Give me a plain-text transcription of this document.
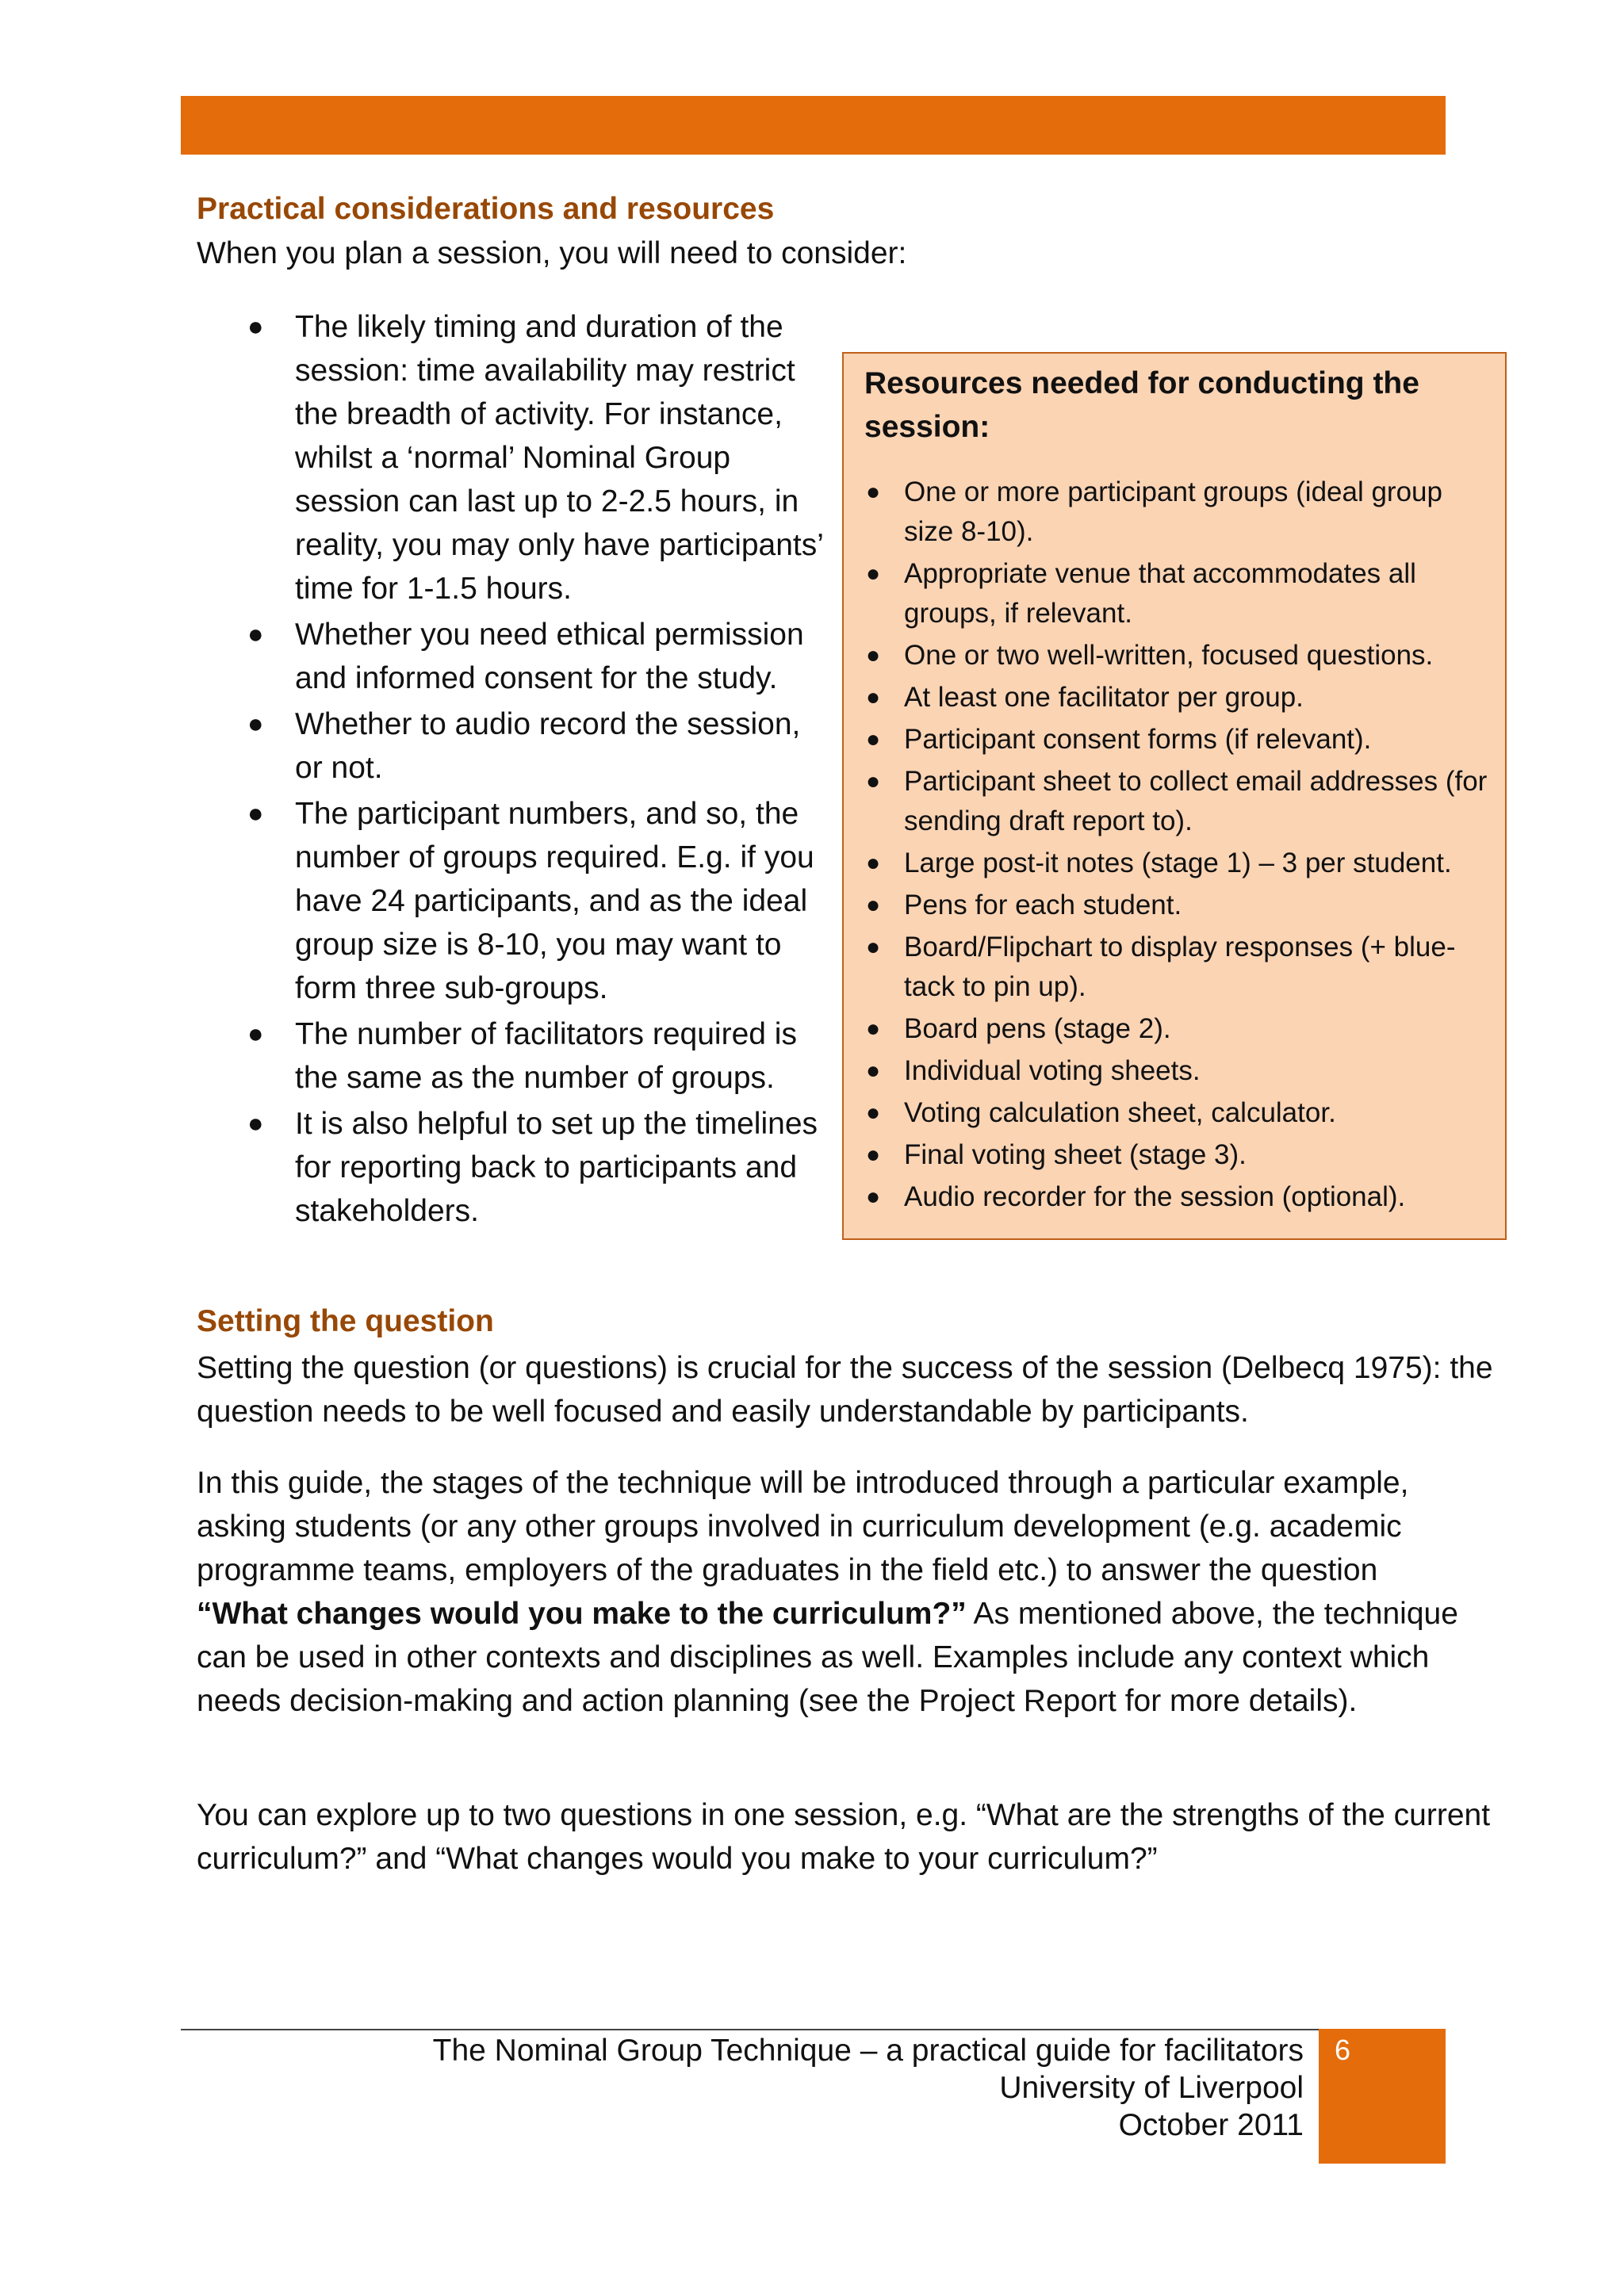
Practical considerations and resources

When you plan a session, you will need to consider:

● The likely timing and duration of the session: time availability may restrict the breadth of activity. For instance, whilst a ‘normal’ Nominal Group session can last up to 2-2.5 hours, in reality, you may only have participants’ time for 1-1.5 hours.
● Whether you need ethical permission and informed consent for the study.
● Whether to audio record the session, or not.
● The participant numbers, and so, the number of groups required. E.g. if you have 24 participants, and as the ideal group size is 8-10, you may want to form three sub-groups.
● The number of facilitators required is the same as the number of groups.
● It is also helpful to set up the timelines for reporting back to participants and stakeholders.

Resources needed for conducting the session:

● One or more participant groups (ideal group size 8-10).
● Appropriate venue that accommodates all groups, if relevant.
● One or two well-written, focused questions.
● At least one facilitator per group.
● Participant consent forms (if relevant).
● Participant sheet to collect email addresses (for sending draft report to).
● Large post-it notes (stage 1) – 3 per student.
● Pens for each student.
● Board/Flipchart to display responses (+ blue-tack to pin up).
● Board pens (stage 2).
● Individual voting sheets.
● Voting calculation sheet, calculator.
● Final voting sheet (stage 3).
● Audio recorder for the session (optional).
Setting the question

Setting the question (or questions) is crucial for the success of the session (Delbecq 1975): the question needs to be well focused and easily understandable by participants.

In this guide, the stages of the technique will be introduced through a particular example, asking students (or any other groups involved in curriculum development (e.g. academic programme teams, employers of the graduates in the field etc.) to answer the question
“What changes would you make to the curriculum?” As mentioned above, the technique can be used in other contexts and disciplines as well. Examples include any context which needs decision-making and action planning (see the Project Report for more details).

You can explore up to two questions in one session, e.g. “What are the strengths of the current curriculum?” and “What changes would you make to your curriculum?”

The Nominal Group Technique – a practical guide for facilitators
University of Liverpool
October 2011
6
